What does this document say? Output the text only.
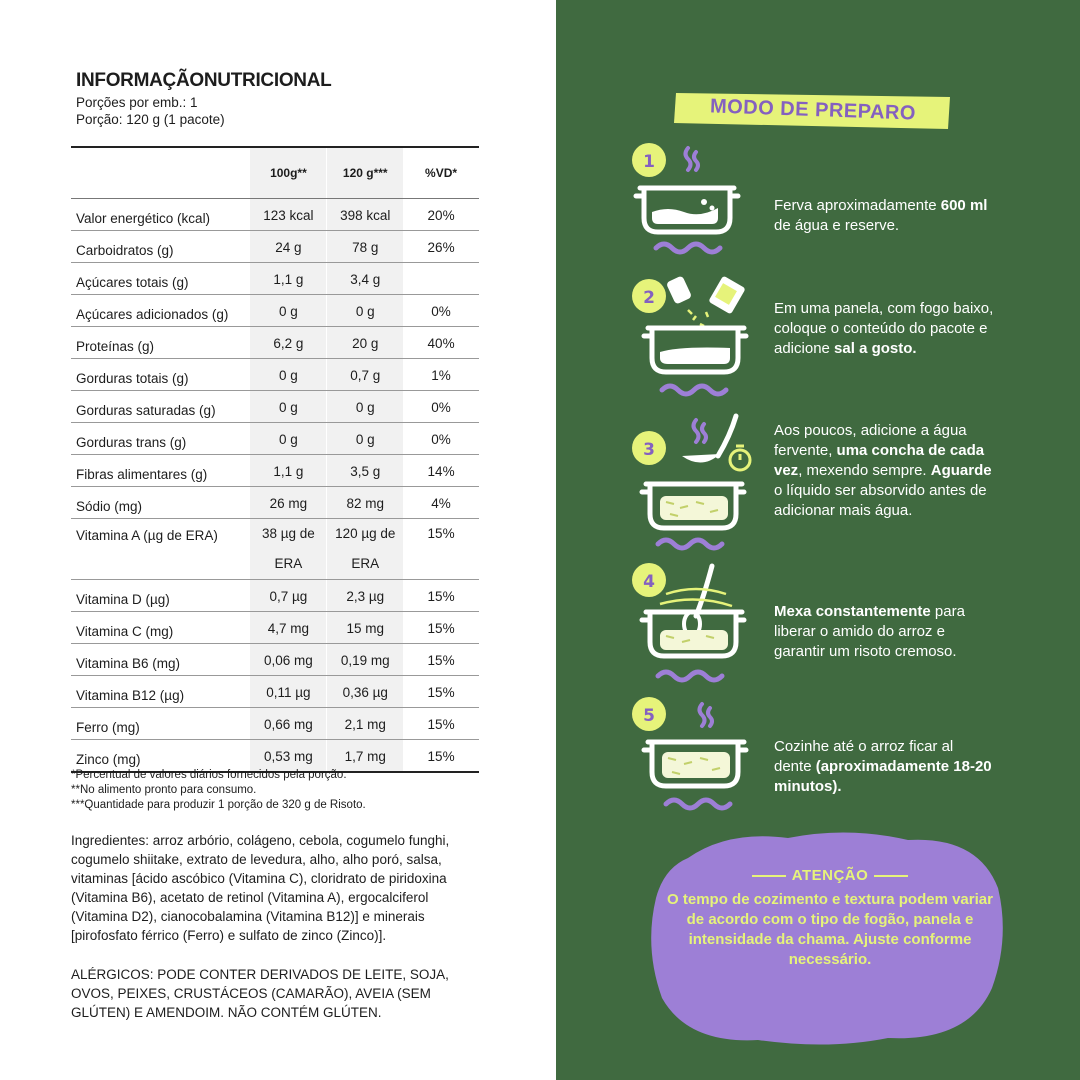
INFORMAÇÃONUTRICIONAL
Porções por emb.: 1
Porção: 120 g (1 pacote)
	100g**	120 g***	%VD*
Valor energético (kcal)	123 kcal	398 kcal	20%
Carboidratos (g)	24 g	78 g	26%
Açúcares totais (g)	1,1 g	3,4 g	
Açúcares adicionados (g)	0 g	0 g	0%
Proteínas (g)	6,2 g	20 g	40%
Gorduras totais (g)	0 g	0,7 g	1%
Gorduras saturadas (g)	0 g	0 g	0%
Gorduras trans (g)	0 g	0 g	0%
Fibras alimentares (g)	1,1 g	3,5 g	14%
Sódio (mg)	26 mg	82 mg	4%
Vitamina A (µg de ERA)	38 µg de ERA	120 µg de ERA	15%
Vitamina D (µg)	0,7 µg	2,3 µg	15%
Vitamina C (mg)	4,7 mg	15 mg	15%
Vitamina B6 (mg)	0,06 mg	0,19 mg	15%
Vitamina B12 (µg)	0,11 µg	0,36 µg	15%
Ferro (mg)	0,66 mg	2,1 mg	15%
Zinco (mg)	0,53 mg	1,7 mg	15%
*Percentual de valores diários fornecidos pela porção.
**No alimento pronto para consumo.
***Quantidade para produzir 1 porção de 320 g de Risoto.
Ingredientes: arroz arbório, colágeno, cebola, cogumelo funghi, cogumelo shiitake, extrato de levedura, alho, alho poró, salsa, vitaminas [ácido ascóbico (Vitamina C), cloridrato de piridoxina (Vitamina B6), acetato de retinol (Vitamina A), ergocalciferol (Vitamina D2), cianocobalamina (Vitamina B12)] e minerais [pirofosfato férrico (Ferro) e sulfato de zinco (Zinco)].
ALÉRGICOS: PODE CONTER DERIVADOS DE LEITE, SOJA, OVOS, PEIXES, CRUSTÁCEOS (CAMARÃO), AVEIA (SEM GLÚTEN) E AMENDOIM. NÃO CONTÉM GLÚTEN.
MODO DE PREPARO
1
Ferva aproximadamente 600 ml de água e reserve.
2
Em uma panela, com fogo baixo, coloque o conteúdo do pacote e adicione sal a gosto.
3
Aos poucos, adicione a água fervente, uma concha de cada vez, mexendo sempre. Aguarde o líquido ser absorvido antes de adicionar mais água.
4
Mexa constantemente para liberar o amido do arroz e garantir um risoto cremoso.
5
Cozinhe até o arroz ficar al dente (aproximadamente 18-20 minutos).
ATENÇÃO
O tempo de cozimento e textura podem variar de acordo com o tipo de fogão, panela e intensidade da chama. Ajuste conforme necessário.
